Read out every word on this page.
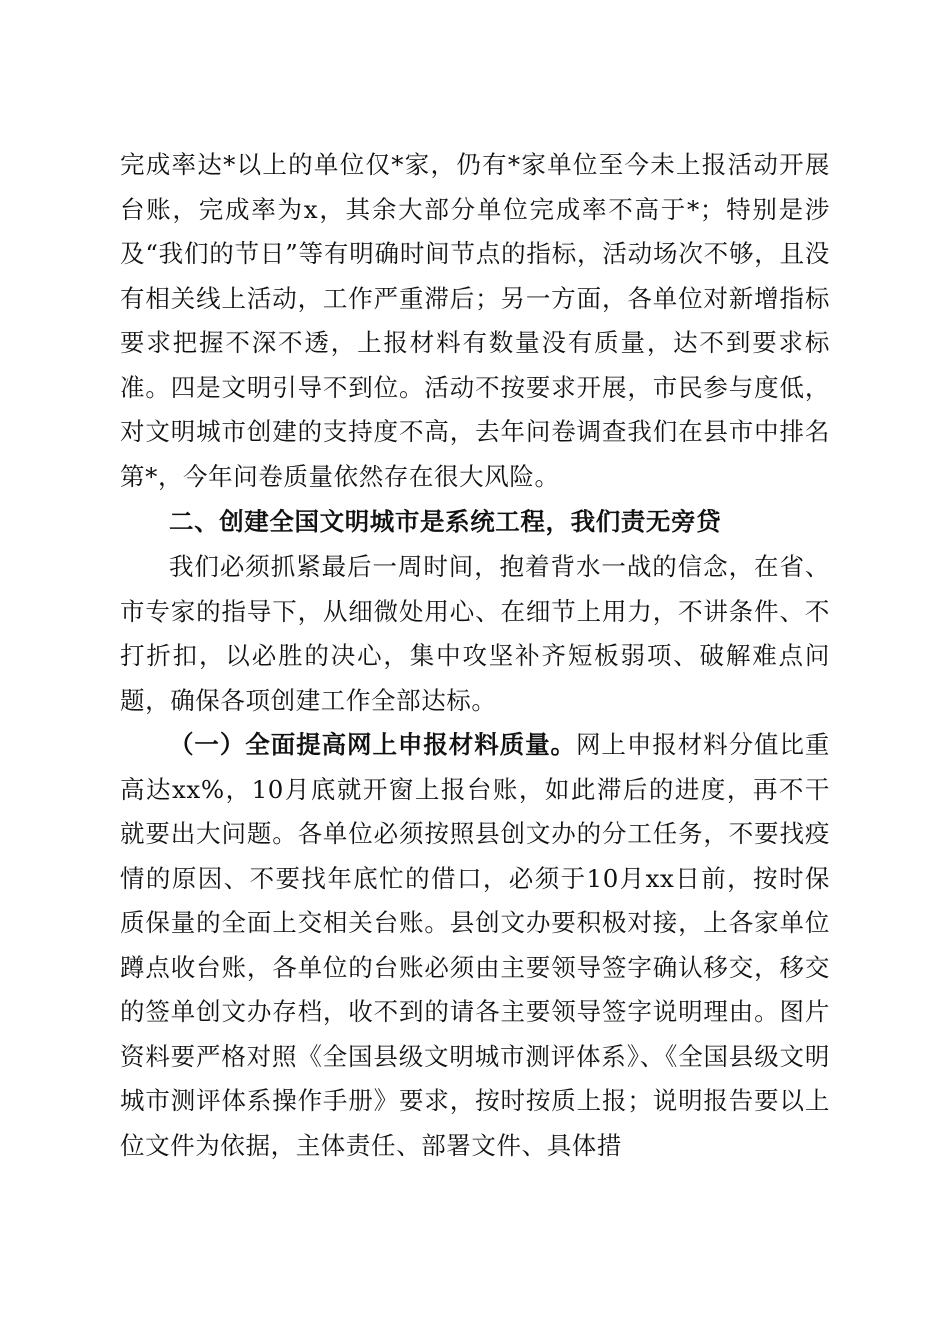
完成率达*以上的单位仅*家，仍有*家单位至今未上报活动开展台账，完成率为x，其余大部分单位完成率不高于*；特别是涉及“我们的节日”等有明确时间节点的指标，活动场次不够，且没有相关线上活动，工作严重滞后；另一方面，各单位对新增指标要求把握不深不透，上报材料有数量没有质量，达不到要求标准。四是文明引导不到位。活动不按要求开展，市民参与度低，对文明城市创建的支持度不高，去年问卷调查我们在县市中排名第*，今年问卷质量依然存在很大风险。

二、创建全国文明城市是系统工程，我们责无旁贷

我们必须抓紧最后一周时间，抱着背水一战的信念，在省、市专家的指导下，从细微处用心、在细节上用力，不讲条件、不打折扣，以必胜的决心，集中攻坚补齐短板弱项、破解难点问题，确保各项创建工作全部达标。

（一）全面提高网上申报材料质量。网上申报材料分值比重高达xx%，10月底就开窗上报台账，如此滞后的进度，再不干就要出大问题。各单位必须按照县创文办的分工任务，不要找疫情的原因、不要找年底忙的借口，必须于10月xx日前，按时保质保量的全面上交相关台账。县创文办要积极对接，上各家单位蹲点收台账，各单位的台账必须由主要领导签字确认移交，移交的签单创文办存档，收不到的请各主要领导签字说明理由。图片资料要严格对照《全国县级文明城市测评体系》、《全国县级文明城市测评体系操作手册》要求，按时按质上报；说明报告要以上位文件为依据，主体责任、部署文件、具体措
